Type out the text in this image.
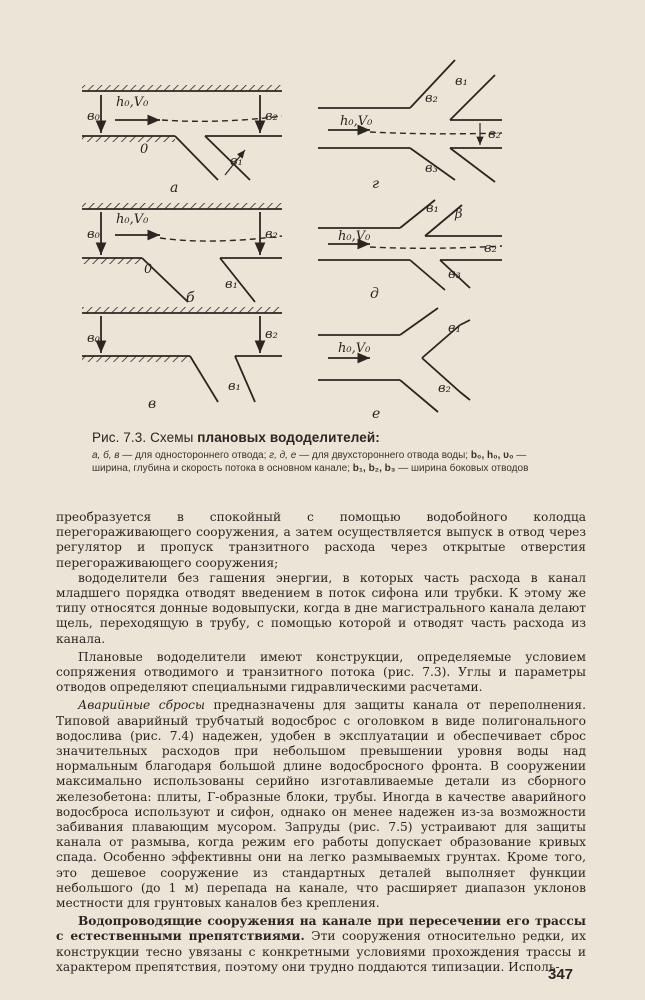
h₀,V₀
в₀	в₂
0
в₁
а
h₀,V₀
в₀	в₂
0
в₁
б
в₀	в₂
в₁
в
h₀,V₀
в₁
в₂
в₂
в₃
г
h₀,V₀
в₁ β
в₂
в₃
д
h₀,V₀
в₁
в₂
е
Рис. 7.3. Схемы плановых вододелителей:
а, б, в — для одностороннего отвода; г, д, е — для двухстороннего отвода воды; b₀, h₀, υ₀ — ширина, глубина и скорость потока в основном канале; b₁, b₂, b₃ — ширина боковых отводов

преобразуется в спокойный с помощью водобойного колодца перегораживающего сооружения, а затем осуществляется выпуск в отвод через регулятор и пропуск транзитного расхода через открытые отверстия перегораживающего сооружения;

вододелители без гашения энергии, в которых часть расхода в канал младшего порядка отводят введением в поток сифона или трубки. К этому же типу относятся донные водовыпуски, когда в дне магистрального канала делают щель, переходящую в трубу, с помощью которой и отводят часть расхода из канала.

Плановые вододелители имеют конструкции, определяемые условием сопряжения отводимого и транзитного потока (рис. 7.3). Углы и параметры отводов определяют специальными гидравлическими расчетами.

Аварийные сбросы предназначены для защиты канала от переполнения. Типовой аварийный трубчатый водосброс с оголовком в виде полигонального водослива (рис. 7.4) надежен, удобен в эксплуатации и обеспечивает сброс значительных расходов при небольшом превышении уровня воды над нормальным благодаря большой длине водосбросного фронта. В сооружении максимально использованы серийно изготавливаемые детали из сборного железобетона: плиты, Г-образные блоки, трубы. Иногда в качестве аварийного водосброса используют и сифон, однако он менее надежен из-за возможности забивания плавающим мусором. Запруды (рис. 7.5) устраивают для защиты канала от размыва, когда режим его работы допускает образование кривых спада. Особенно эффективны они на легко размываемых грунтах. Кроме того, это дешевое сооружение из стандартных деталей выполняет функции небольшого (до 1 м) перепада на канале, что расширяет диапазон уклонов местности для грунтовых каналов без крепления.

Водопроводящие сооружения на канале при пересечении его трассы с естественными препятствиями. Эти сооружения относительно редки, их конструкции тесно увязаны с конкретными условиями прохождения трассы и характером препятствия, поэтому они трудно поддаются типизации. Исполь-

347
